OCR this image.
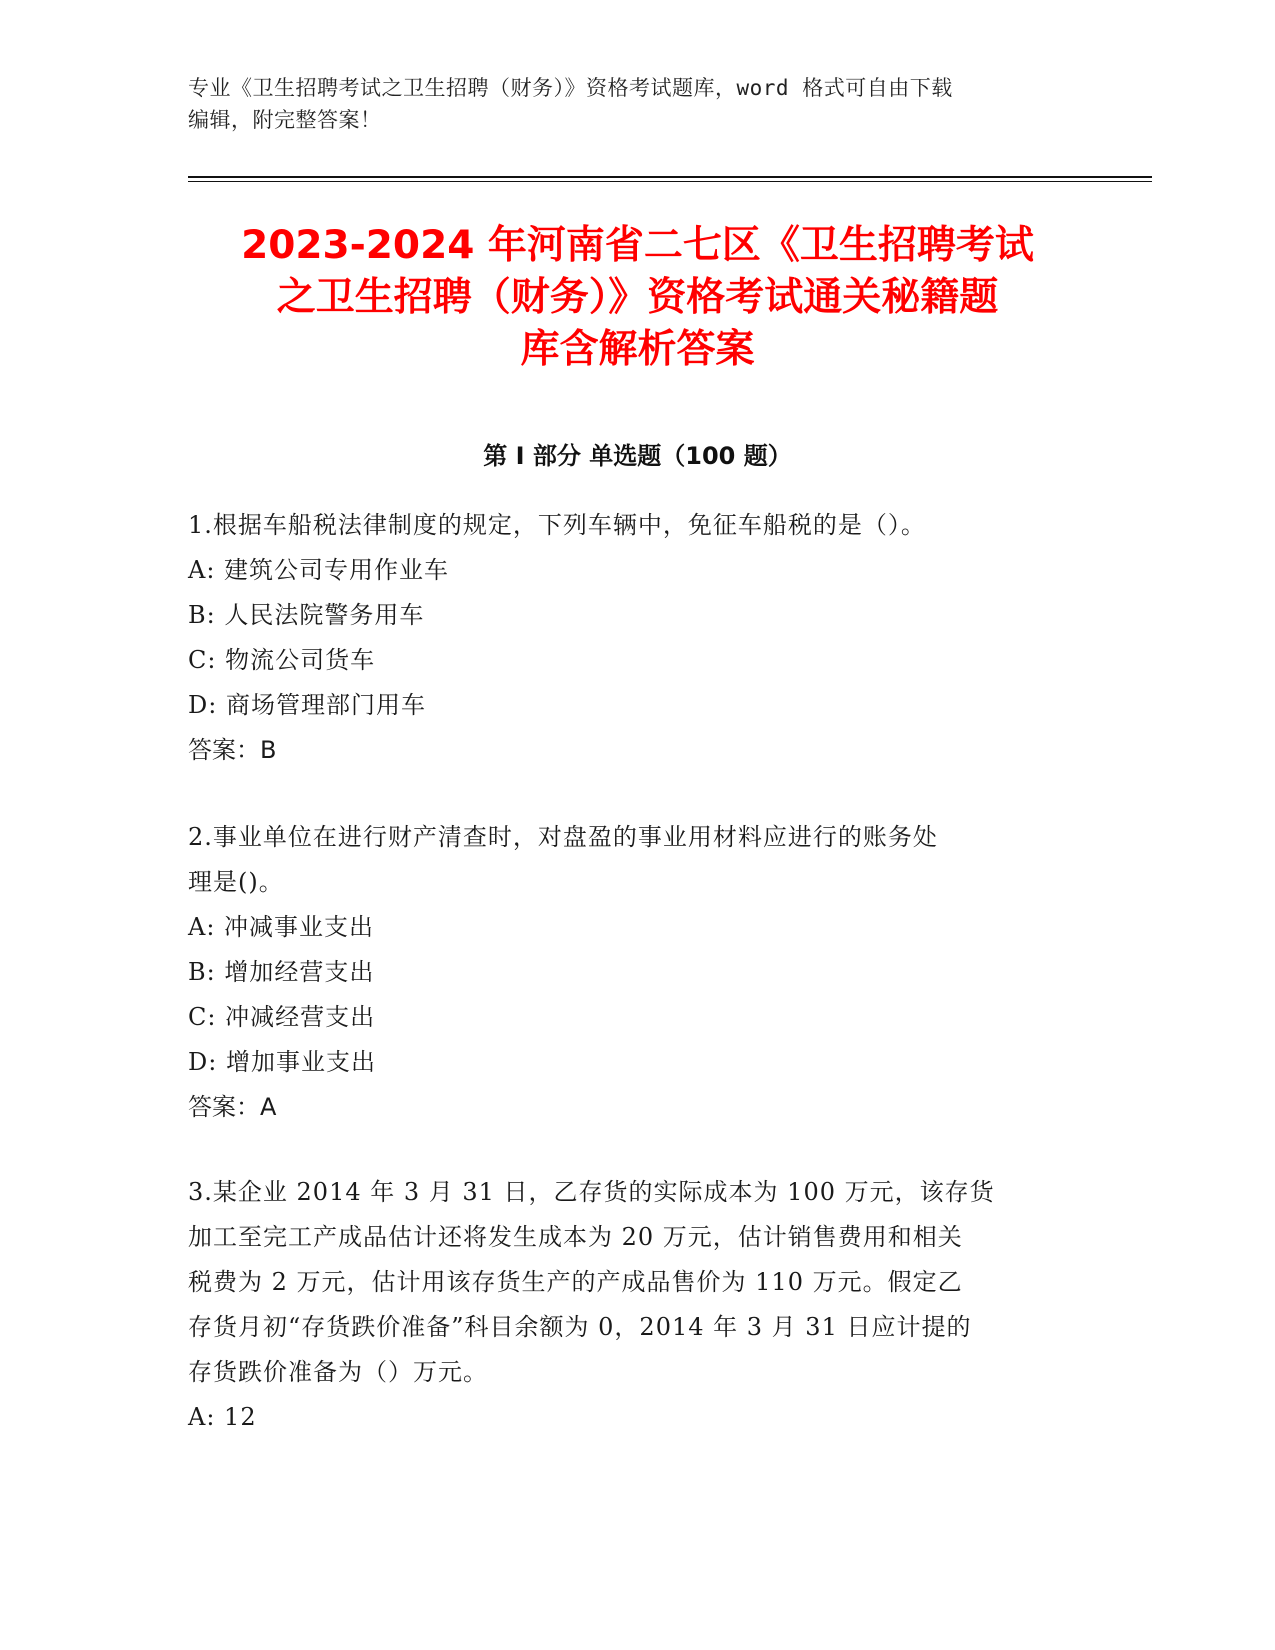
专业《卫生招聘考试之卫生招聘（财务）》资格考试题库，word 格式可自由下载
编辑，附完整答案！
2023-2024 年河南省二七区《卫生招聘考试
之卫生招聘（财务）》资格考试通关秘籍题
库含解析答案
第 I 部分 单选题（100 题）

1.根据车船税法律制度的规定，下列车辆中，免征车船税的是（）。

A: 建筑公司专用作业车

B: 人民法院警务用车

C: 物流公司货车

D: 商场管理部门用车

答案：B

2.事业单位在进行财产清查时，对盘盈的事业用材料应进行的账务处

理是()。

A: 冲减事业支出

B: 增加经营支出

C: 冲减经营支出

D: 增加事业支出

答案：A

3.某企业 2014 年 3 月 31 日，乙存货的实际成本为 100 万元，该存货

加工至完工产成品估计还将发生成本为 20 万元，估计销售费用和相关

税费为 2 万元，估计用该存货生产的产成品售价为 110 万元。假定乙

存货月初“存货跌价准备”科目余额为 0，2014 年 3 月 31 日应计提的

存货跌价准备为（）万元。

A: 12
